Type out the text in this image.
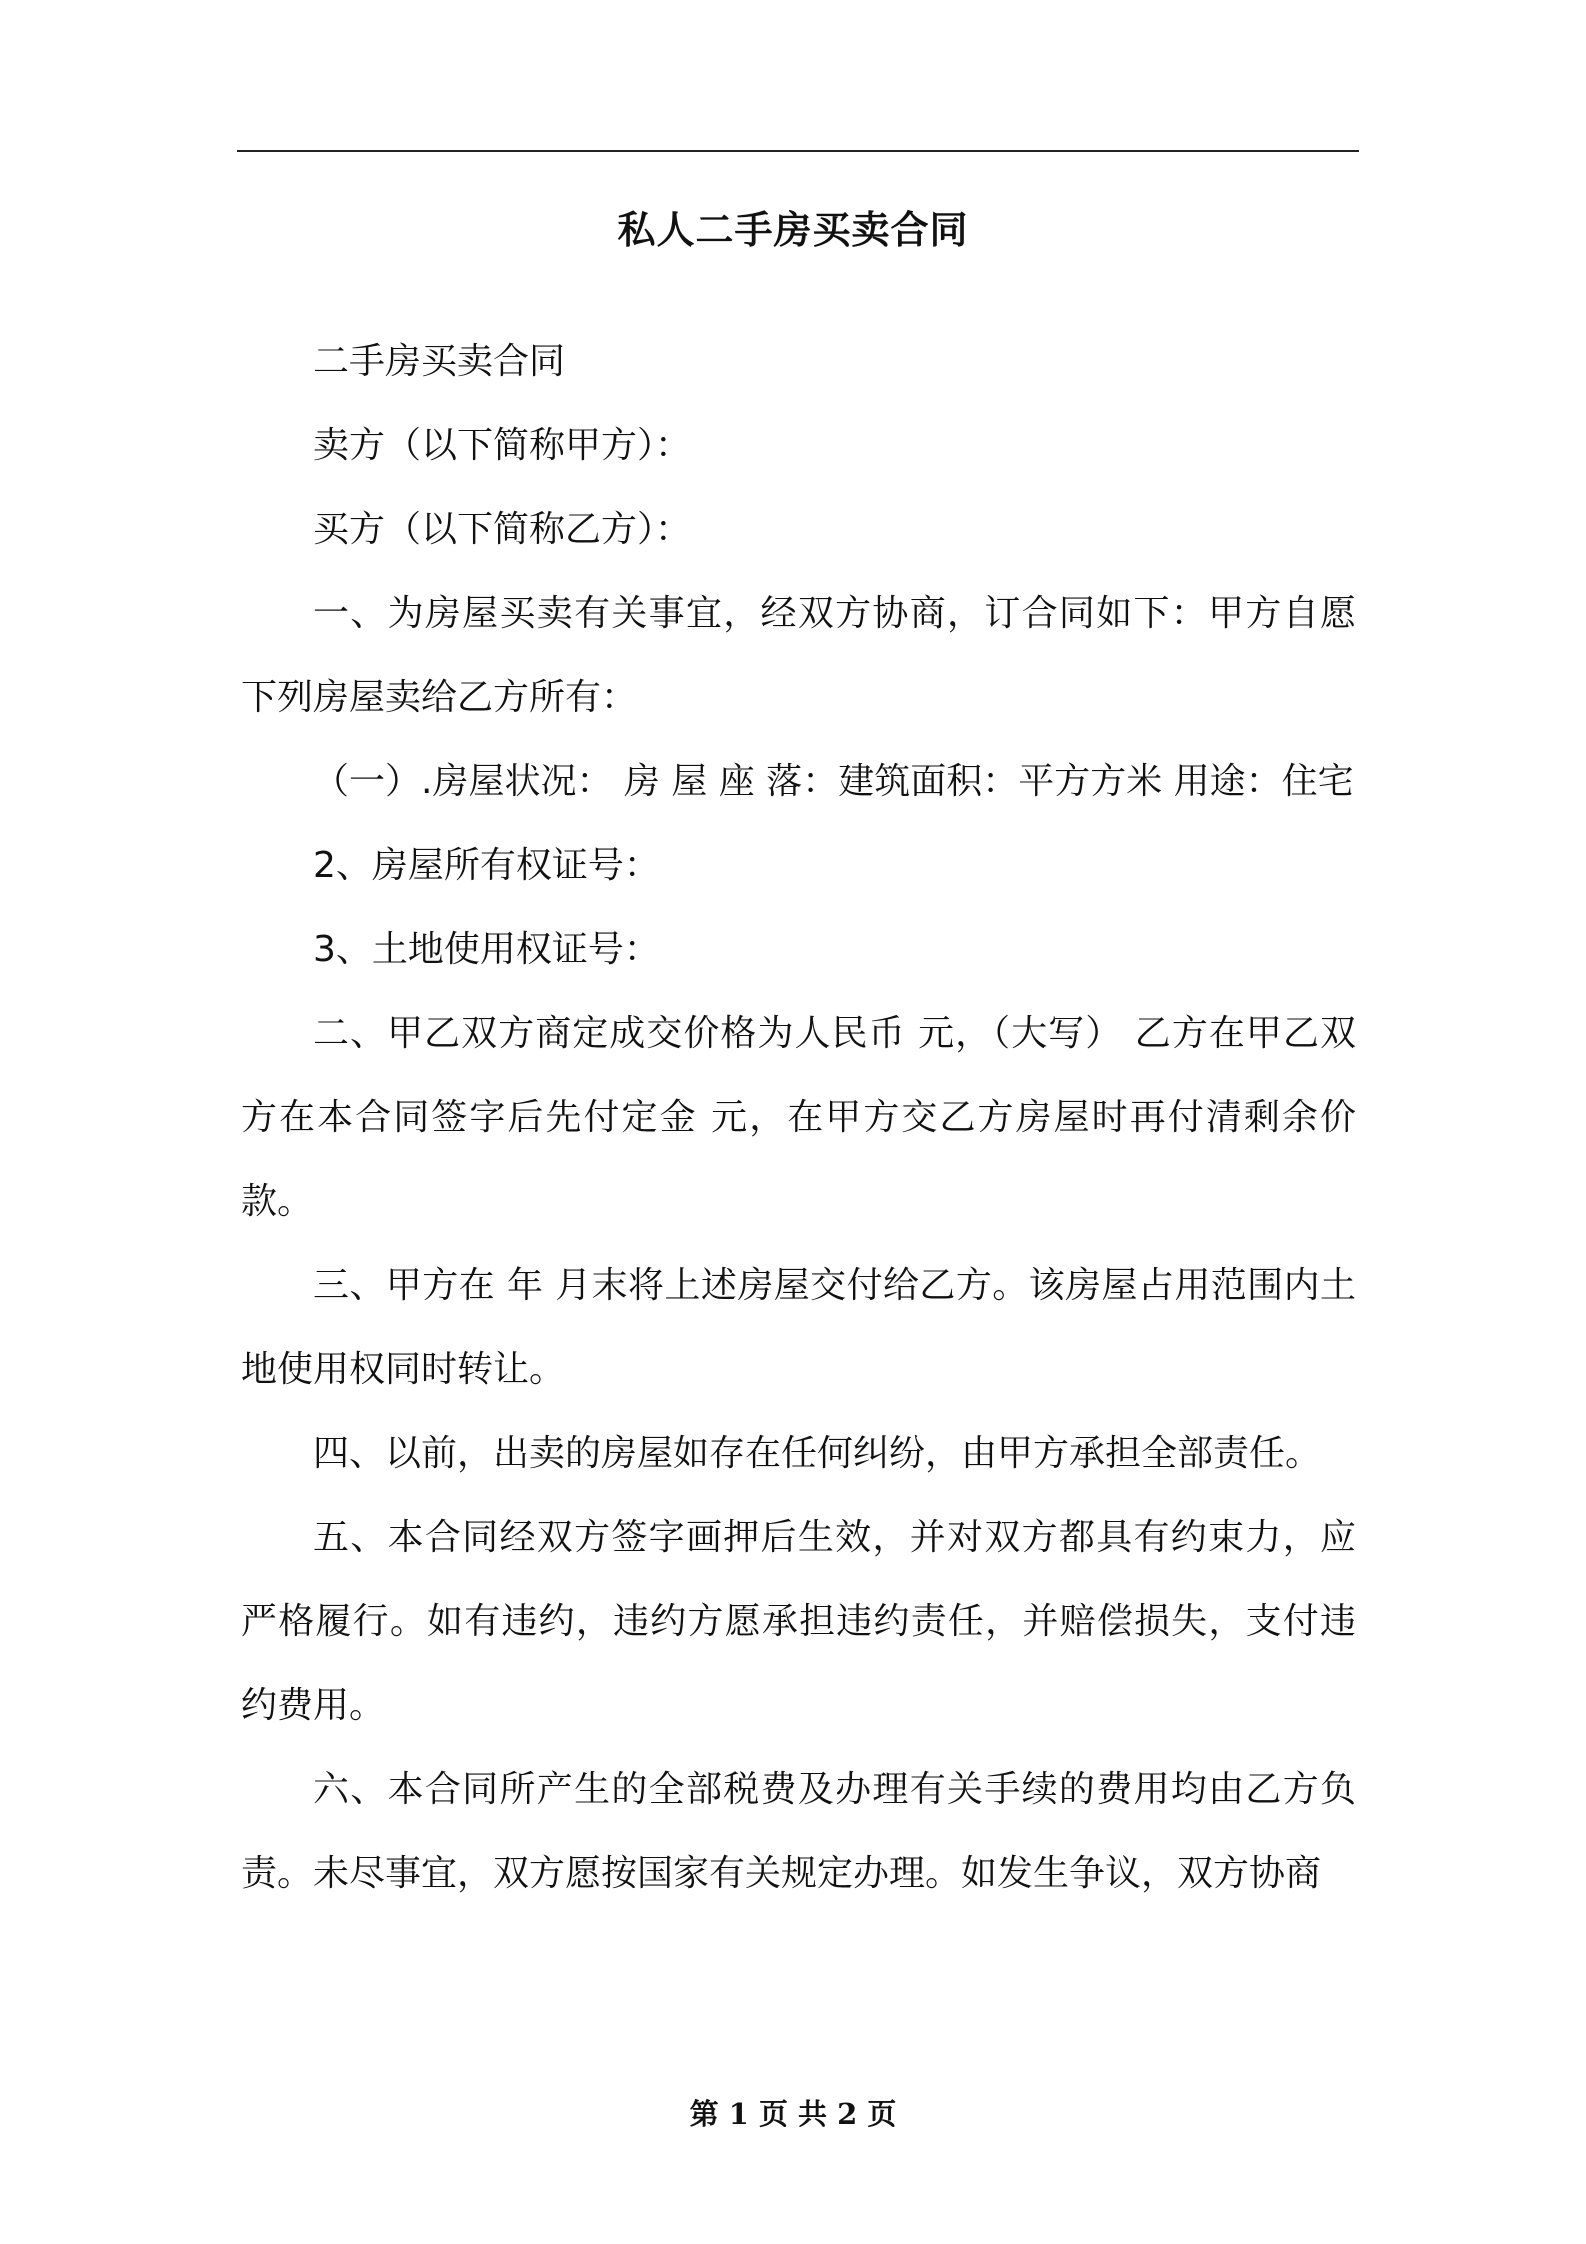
私人二手房买卖合同

二手房买卖合同

卖方（以下简称甲方）：

买方（以下简称乙方）：

一、为房屋买卖有关事宜，经双方协商，订合同如下：甲方自愿下列房屋卖给乙方所有：

（一）.房屋状况： 房 屋 座 落：建筑面积：平方方米 用途：住宅

2、房屋所有权证号：

3、土地使用权证号：

二、甲乙双方商定成交价格为人民币 元，（大写） 乙方在甲乙双方在本合同签字后先付定金 元，在甲方交乙方房屋时再付清剩余价款。

三、甲方在 年 月末将上述房屋交付给乙方。该房屋占用范围内土地使用权同时转让。

四、以前，出卖的房屋如存在任何纠纷，由甲方承担全部责任。

五、本合同经双方签字画押后生效，并对双方都具有约束力，应严格履行。如有违约，违约方愿承担违约责任，并赔偿损失，支付违约费用。

六、本合同所产生的全部税费及办理有关手续的费用均由乙方负责。未尽事宜，双方愿按国家有关规定办理。如发生争议，双方协商

第 1 页 共 2 页
